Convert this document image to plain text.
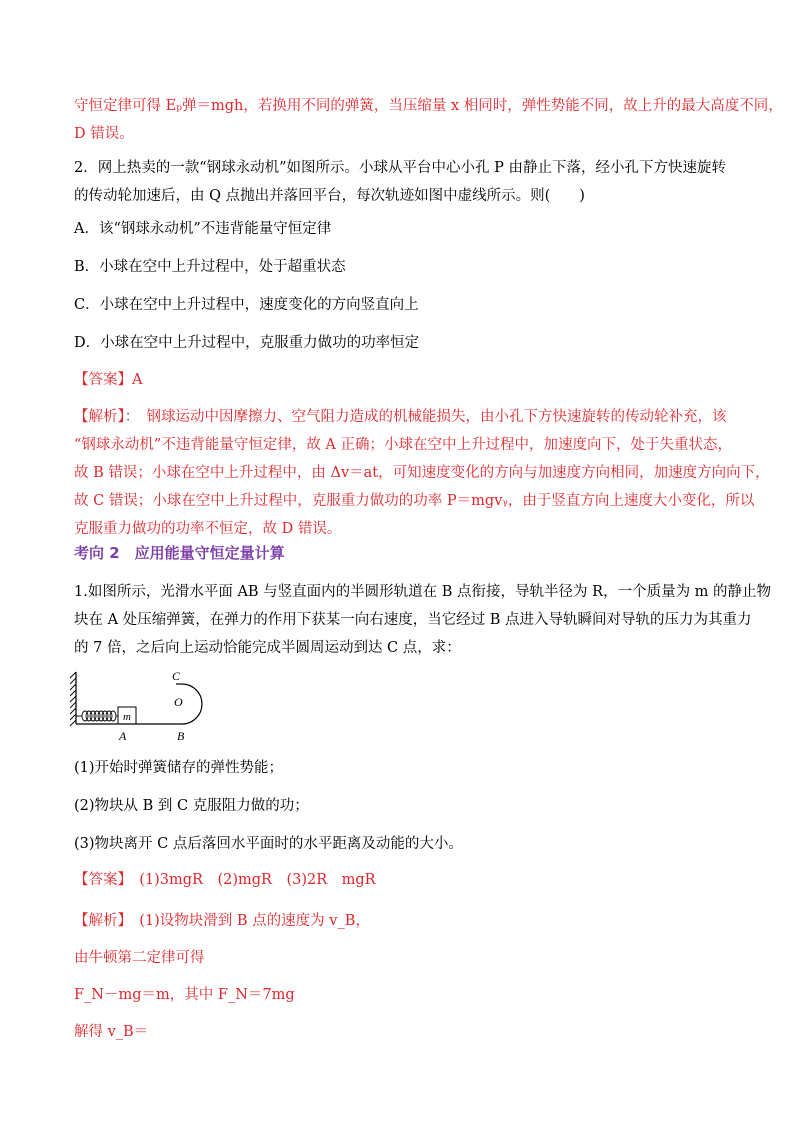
守恒定律可得 Eₚ弹＝mgh，若换用不同的弹簧，当压缩量 x 相同时，弹性势能不同，故上升的最大高度不同，
D 错误。
2．网上热卖的一款“钢球永动机”如图所示。小球从平台中心小孔 P 由静止下落，经小孔下方快速旋转
的传动轮加速后，由 Q 点抛出并落回平台，每次轨迹如图中虚线所示。则(　　)
A．该“钢球永动机”不违背能量守恒定律
B．小球在空中上升过程中，处于超重状态
C．小球在空中上升过程中，速度变化的方向竖直向上
D．小球在空中上升过程中，克服重力做功的功率恒定
【答案】A
【解析】：　钢球运动中因摩擦力、空气阻力造成的机械能损失，由小孔下方快速旋转的传动轮补充，该
“钢球永动机”不违背能量守恒定律，故 A 正确；小球在空中上升过程中，加速度向下，处于失重状态，
故 B 错误；小球在空中上升过程中，由 Δv＝at，可知速度变化的方向与加速度方向相同，加速度方向向下，
故 C 错误；小球在空中上升过程中，克服重力做功的功率 P＝mgvᵧ，由于竖直方向上速度大小变化，所以
克服重力做功的功率不恒定，故 D 错误。
考向 2　应用能量守恒定量计算
1.如图所示，光滑水平面 AB 与竖直面内的半圆形轨道在 B 点衔接，导轨半径为 R，一个质量为 m 的静止物
块在 A 处压缩弹簧，在弹力的作用下获某一向右速度，当它经过 B 点进入导轨瞬间对导轨的压力为其重力
的 7 倍，之后向上运动恰能完成半圆周运动到达 C 点，求：
m
C
O
A	B
(1)开始时弹簧储存的弹性势能；
(2)物块从 B 到 C 克服阻力做的功；
(3)物块离开 C 点后落回水平面时的水平距离及动能的大小。
【答案】　(1)3mgR　(2)mgR　(3)2R　mgR
【解析】　(1)设物块滑到 B 点的速度为 v_B，
由牛顿第二定律可得
F_N－mg＝m，其中 F_N＝7mg
解得 v_B＝
